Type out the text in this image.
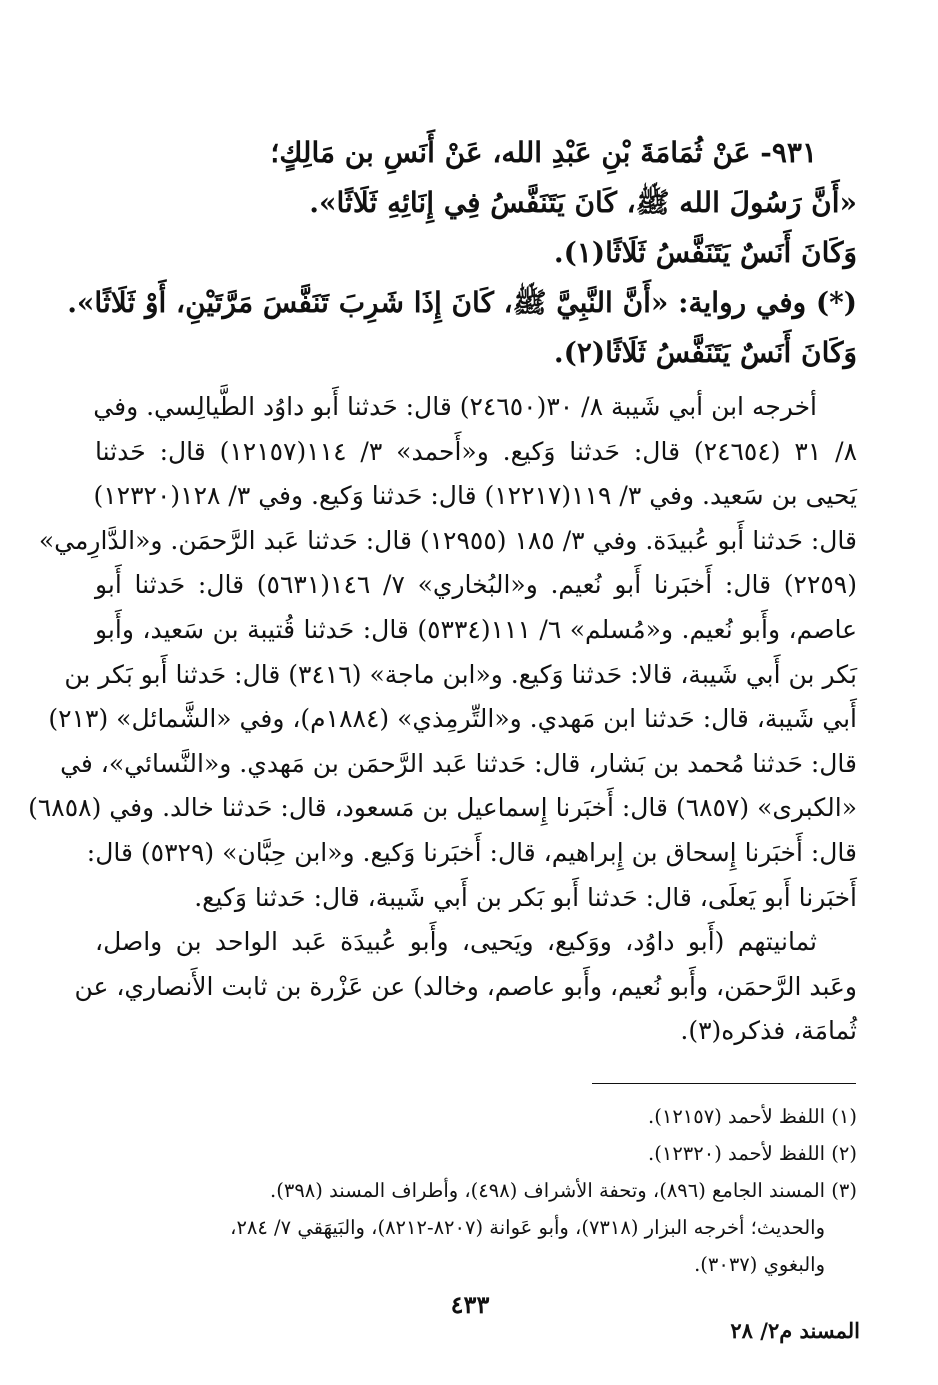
٩٣١- عَنْ ثُمَامَةَ بْنِ عَبْدِ الله، عَنْ أَنَسِ بن مَالِكٍ؛
«أَنَّ رَسُولَ الله ﷺ، كَانَ يَتَنَفَّسُ فِي إِنَائِهِ ثَلَاثًا».
وَكَانَ أَنَسٌ يَتَنَفَّسُ ثَلَاثًا(١).
(*) وفي رواية: «أَنَّ النَّبِيَّ ﷺ، كَانَ إِذَا شَرِبَ تَنَفَّسَ مَرَّتَيْنِ، أَوْ ثَلَاثًا».
وَكَانَ أَنَسٌ يَتَنَفَّسُ ثَلَاثًا(٢).
أخرجه ابن أبي شَيبة ٨/ ٣٠(٢٤٦٥٠) قال: حَدثنا أَبو داوُد الطَّيالِسي. وفي
٨/ ٣١ (٢٤٦٥٤) قال: حَدثنا وَكيع. و«أَحمد» ٣/ ١١٤(١٢١٥٧) قال: حَدثنا
يَحيى بن سَعيد. وفي ٣/ ١١٩(١٢٢١٧) قال: حَدثنا وَكيع. وفي ٣/ ١٢٨(١٢٣٢٠)
قال: حَدثنا أَبو عُبيدَة. وفي ٣/ ١٨٥ (١٢٩٥٥) قال: حَدثنا عَبد الرَّحمَن. و«الدَّارِمي»
(٢٢٥٩) قال: أَخبَرنا أَبو نُعيم. و«البُخاري» ٧/ ١٤٦(٥٦٣١) قال: حَدثنا أَبو
عاصم، وأَبو نُعيم. و«مُسلم» ٦/ ١١١(٥٣٣٤) قال: حَدثنا قُتيبة بن سَعيد، وأَبو
بَكر بن أَبي شَيبة، قالا: حَدثنا وَكيع. و«ابن ماجة» (٣٤١٦) قال: حَدثنا أَبو بَكر بن
أَبي شَيبة، قال: حَدثنا ابن مَهدي. و«التِّرمِذي» (١٨٨٤م)، وفي «الشَّمائل» (٢١٣)
قال: حَدثنا مُحمد بن بَشار، قال: حَدثنا عَبد الرَّحمَن بن مَهدي. و«النَّسائي»، في
«الكبرى» (٦٨٥٧) قال: أَخبَرنا إِسماعيل بن مَسعود، قال: حَدثنا خالد. وفي (٦٨٥٨)
قال: أَخبَرنا إِسحاق بن إِبراهيم، قال: أَخبَرنا وَكيع. و«ابن حِبَّان» (٥٣٢٩) قال:
أَخبَرنا أَبو يَعلَى، قال: حَدثنا أَبو بَكر بن أَبي شَيبة، قال: حَدثنا وَكيع.
ثمانيتهم (أَبو داوُد، ووَكيع، ويَحيى، وأَبو عُبيدَة عَبد الواحد بن واصل،
وعَبد الرَّحمَن، وأَبو نُعيم، وأَبو عاصم، وخالد) عن عَزْرة بن ثابت الأَنصاري، عن
ثُمامَة، فذكره(٣).
(١) اللفظ لأحمد (١٢١٥٧).
(٢) اللفظ لأحمد (١٢٣٢٠).
(٣) المسند الجامع (٨٩٦)، وتحفة الأشراف (٤٩٨)، وأطراف المسند (٣٩٨).
والحديث؛ أخرجه البزار (٧٣١٨)، وأبو عَوانة (٨٢٠٧-٨٢١٢)، والبَيهَقي ٧/ ٢٨٤،
والبغوي (٣٠٣٧).
٤٣٣
المسند م٢/ ٢٨
